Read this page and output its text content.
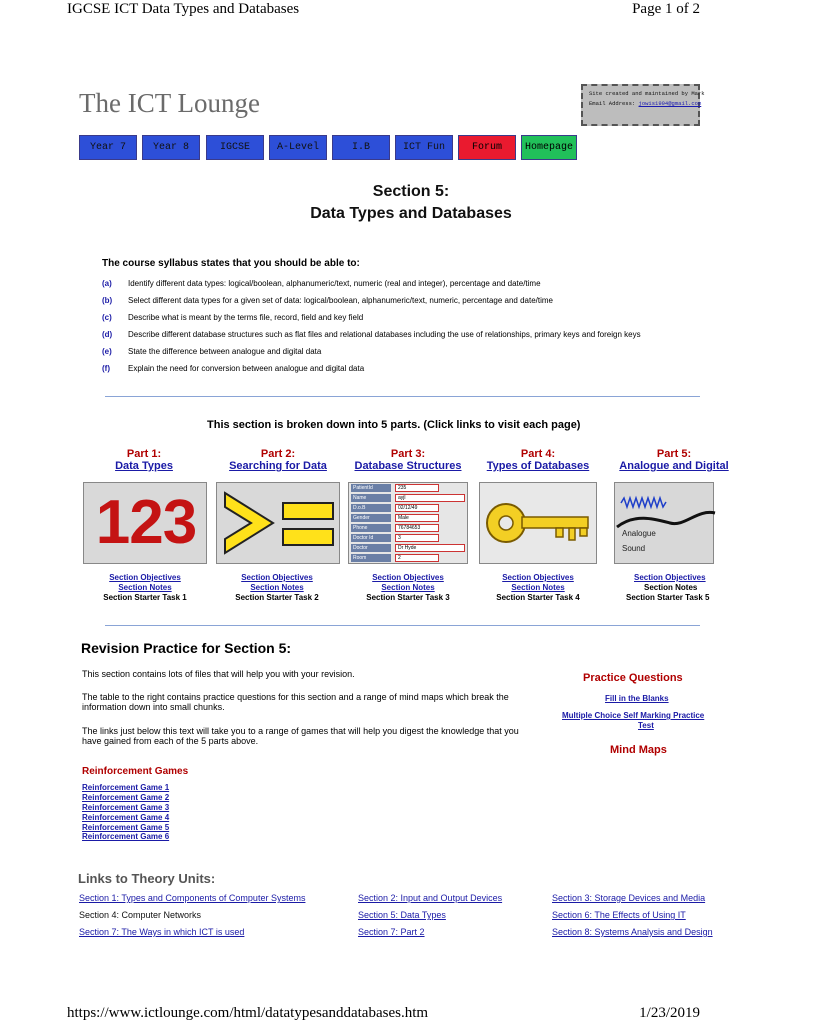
IGCSE ICT Data Types and Databases	Page 1 of 2
The ICT Lounge	Site created and maintained by Mark
Email Address: jowis1994@gmail.com
Year 7	Year 8	IGCSE	A-Level	I.B	ICT Fun	Forum	Homepage
Section 5:
Data Types and Databases
The course syllabus states that you should be able to:
(a) Identify different data types: logical/boolean, alphanumeric/text, numeric (real and integer), percentage and date/time
(b) Select different data types for a given set of data: logical/boolean, alphanumeric/text, numeric, percentage and date/time
(c) Describe what is meant by the terms file, record, field and key field
(d) Describe different database structures such as flat files and relational databases including the use of relationships, primary keys and foreign keys
(e) State the difference between analogue and digital data
(f) Explain the need for conversion between analogue and digital data
This section is broken down into 5 parts. (Click links to visit each page)
Part 1:
Data Types
Part 2:
Searching for Data
Part 3:
Database Structures
Part 4:
Types of Databases
Part 5:
Analogue and Digital
123	PatientId	235
Name	ayjl
D.o.B	02/12/49
Gender	Male
Phone	76784653
Doctor Id	3
Doctor	Dr Hyde
Room	2
Analogue
Sound
Section Objectives
Section Notes
Section Starter Task 1
Section Objectives
Section Notes
Section Starter Task 2
Section Objectives
Section Notes
Section Starter Task 3
Section Objectives
Section Notes
Section Starter Task 4
Section Objectives
Section Notes
Section Starter Task 5
Revision Practice for Section 5:
This section contains lots of files that will help you with your revision.
The table to the right contains practice questions for this section and a range of mind maps which break the information down into small chunks.
The links just below this text will take you to a range of games that will help you digest the knowledge that you have gained from each of the 5 parts above.
Reinforcement Games
Reinforcement Game 1
Reinforcement Game 2
Reinforcement Game 3
Reinforcement Game 4
Reinforcement Game 5
Reinforcement Game 6
Practice Questions
Fill in the Blanks
Multiple Choice Self Marking Practice
Test
Mind Maps
Links to Theory Units:
Section 1: Types and Components of Computer Systems	Section 2: Input and Output Devices	Section 3: Storage Devices and Media
Section 4: Computer Networks	Section 5: Data Types	Section 6: The Effects of Using IT
Section 7: The Ways in which ICT is used	Section 7: Part 2	Section 8: Systems Analysis and Design
https://www.ictlounge.com/html/datatypesanddatabases.htm	1/23/2019
